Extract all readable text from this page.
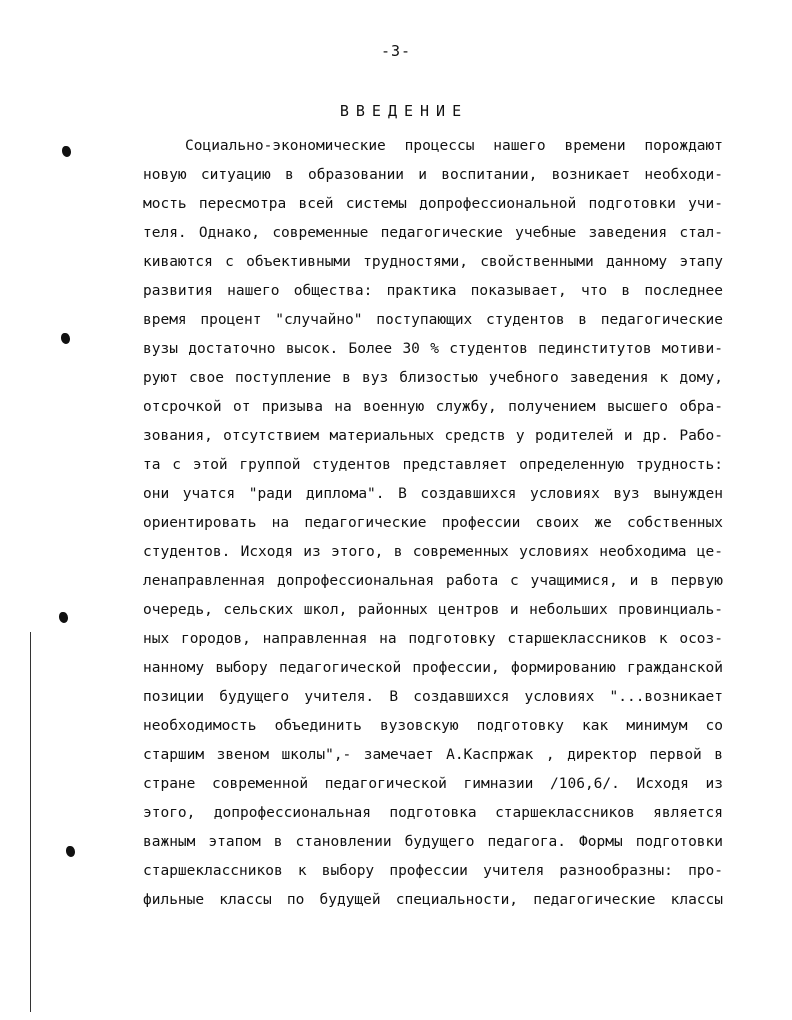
-3-
ВВЕДЕНИЕ
Социально-экономические процессы нашего времени порождают
новую ситуацию в образовании и воспитании, возникает необходи-
мость пересмотра всей системы допрофессиональной подготовки учи-
теля. Однако, современные педагогические учебные заведения стал-
киваются с объективными трудностями, свойственными данному этапу
развития нашего общества: практика показывает, что в последнее
время процент "случайно" поступающих студентов в педагогические
вузы достаточно высок. Более 30 % студентов пединститутов мотиви-
руют свое поступление в вуз близостью учебного заведения к дому,
отсрочкой от призыва на военную службу, получением высшего обра-
зования, отсутствием материальных средств у родителей и др. Рабо-
та с этой группой студентов представляет определенную трудность:
они учатся "ради диплома". В создавшихся условиях вуз вынужден
ориентировать на педагогические профессии своих же собственных
студентов. Исходя из этого, в современных условиях необходима це-
ленаправленная допрофессиональная работа с учащимися, и в первую
очередь, сельских школ, районных центров и небольших провинциаль-
ных городов, направленная на подготовку старшеклассников к осоз-
нанному выбору педагогической профессии, формированию гражданской
позиции будущего учителя. В создавшихся условиях "...возникает
необходимость объединить вузовскую подготовку как минимум со
старшим звеном школы",- замечает А.Каспржак , директор первой в
стране современной педагогической гимназии /106,6/. Исходя из
этого, допрофессиональная подготовка старшеклассников является
важным этапом в становлении будущего педагога. Формы подготовки
старшеклассников к выбору профессии учителя разнообразны: про-
фильные классы по будущей специальности, педагогические классы
